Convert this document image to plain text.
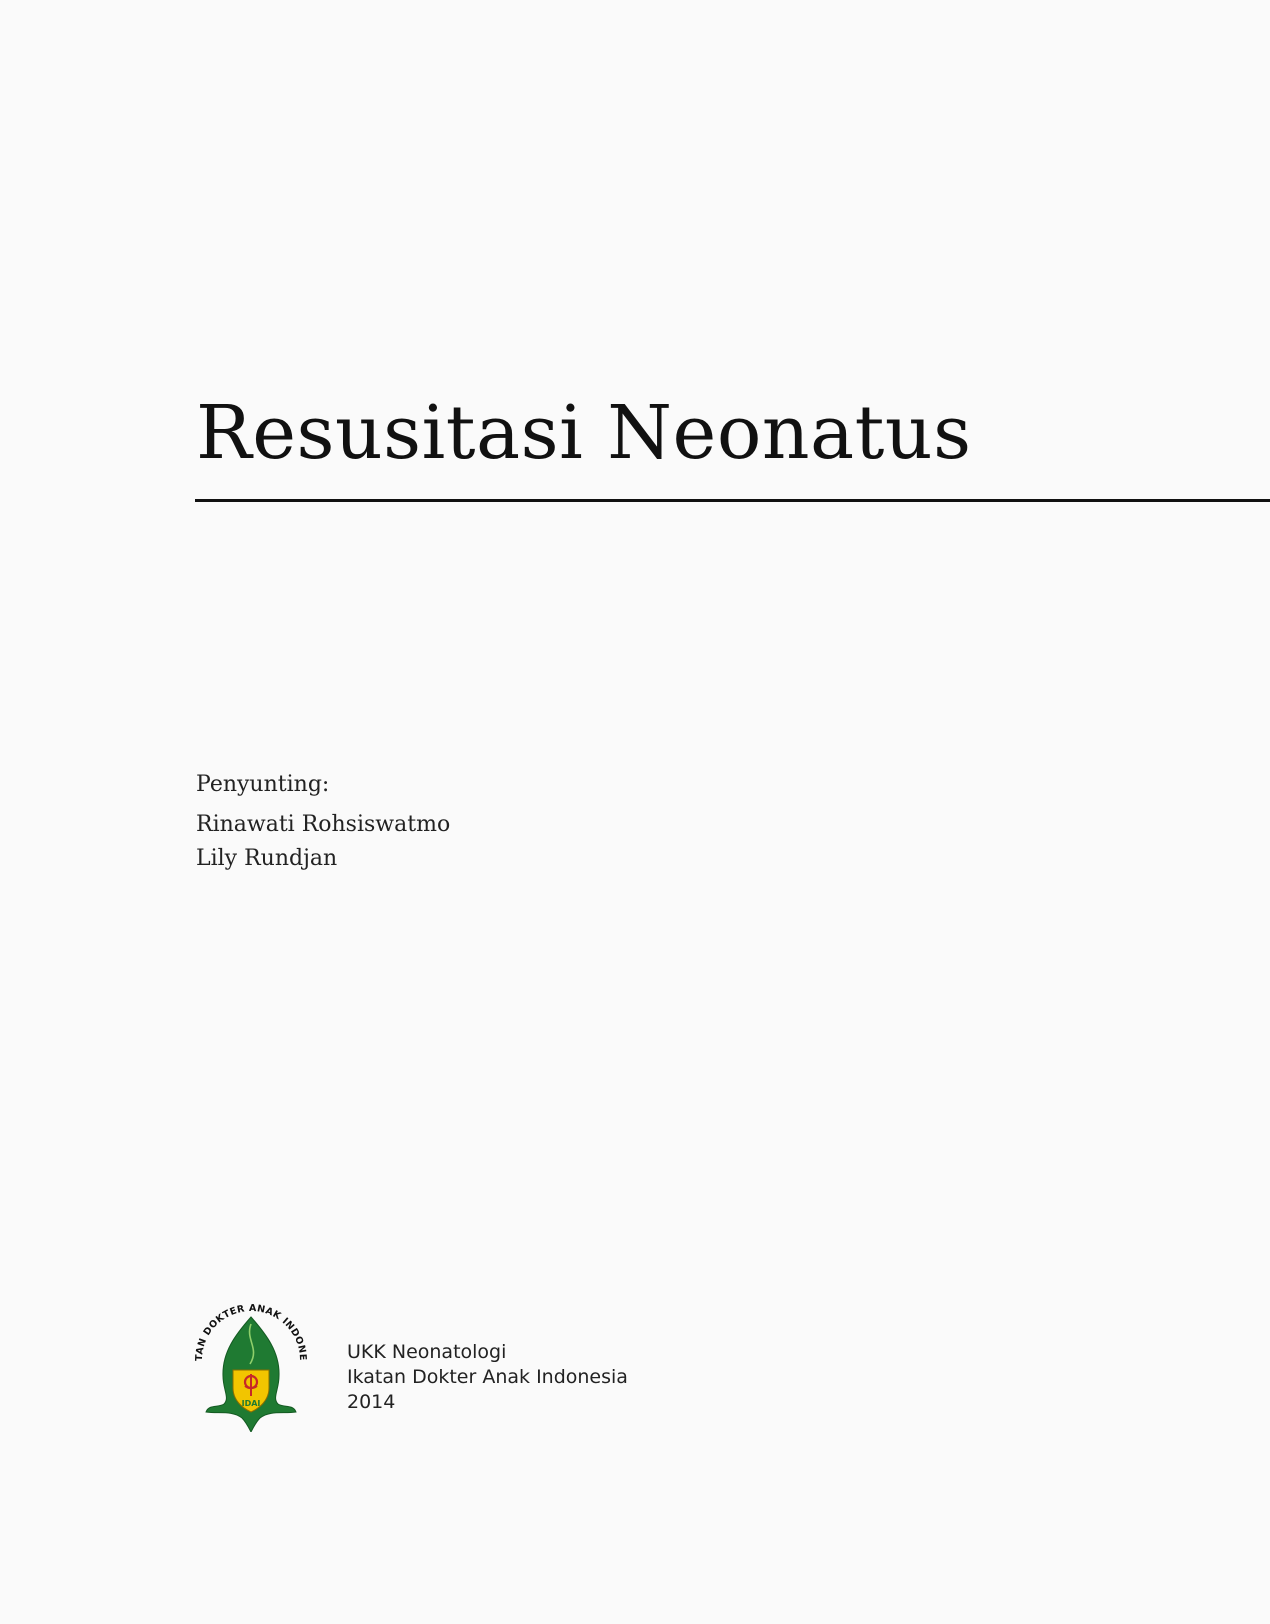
Resusitasi Neonatus
Penyunting:
Rinawati Rohsiswatmo
Lily Rundjan
TAN DOKTER ANAK INDONE
IDAI
UKK Neonatologi
Ikatan Dokter Anak Indonesia
2014
